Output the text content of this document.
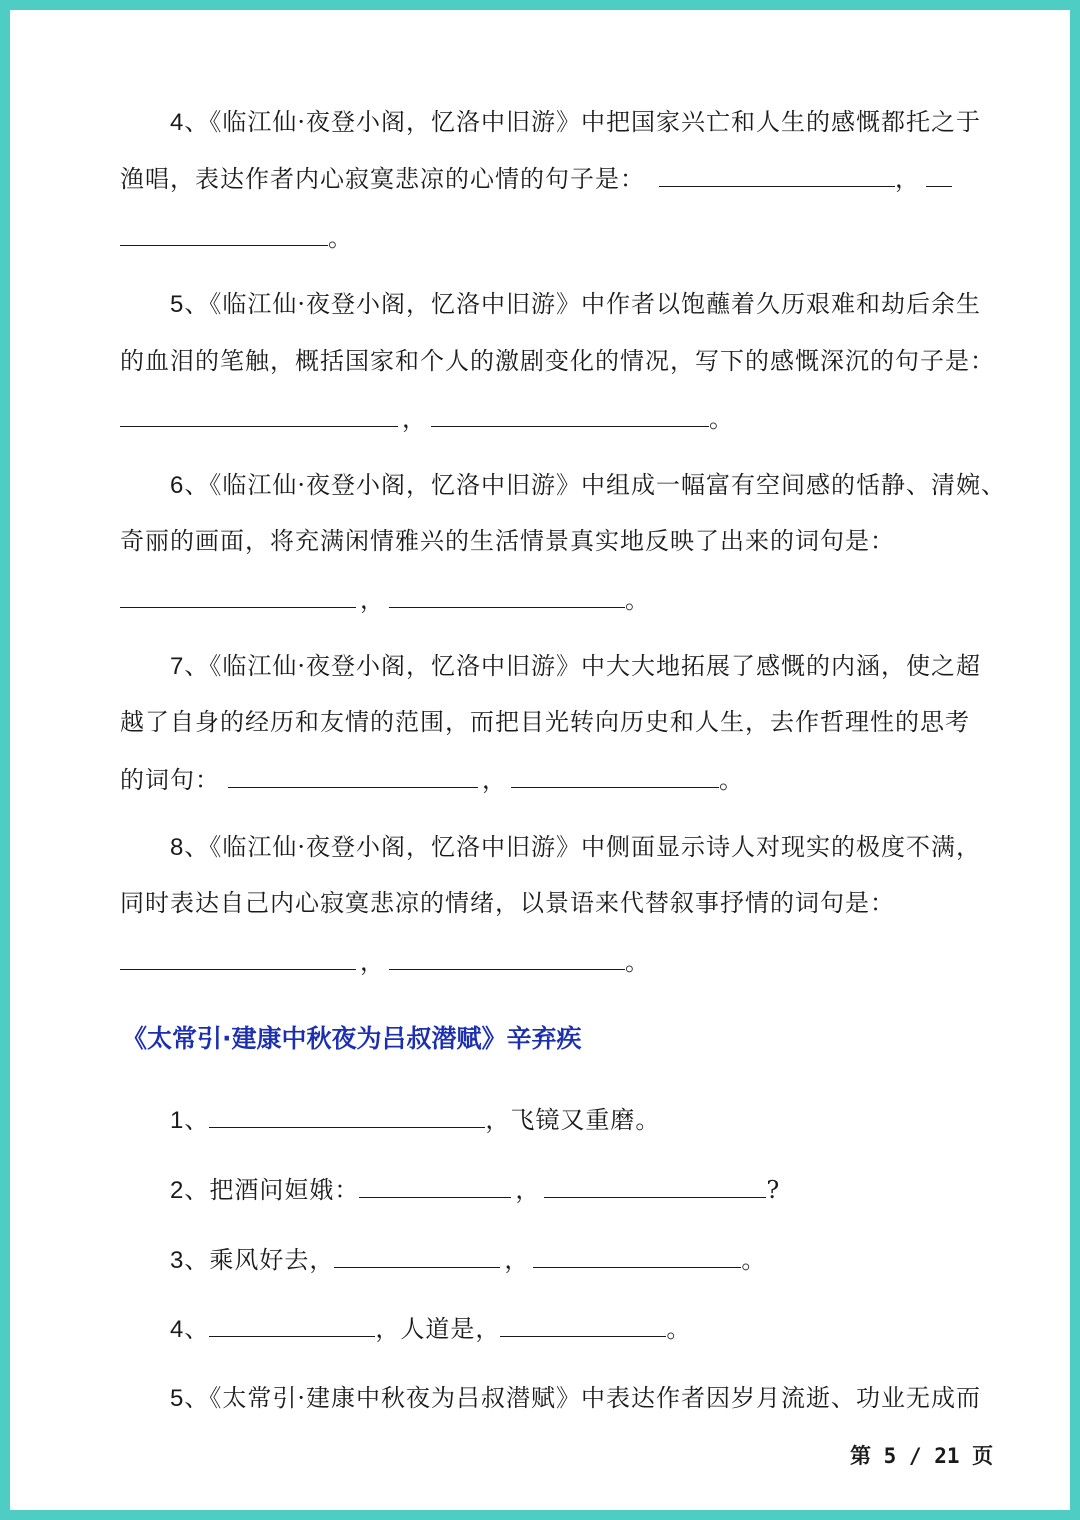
4、《临江仙·夜登小阁，忆洛中旧游》中把国家兴亡和人生的感慨都托之于
渔唱，表达作者内心寂寞悲凉的心情的句子是：	，
。
5、《临江仙·夜登小阁，忆洛中旧游》中作者以饱蘸着久历艰难和劫后余生
的血泪的笔触，概括国家和个人的激剧变化的情况，写下的感慨深沉的句子是：
，	。
6、《临江仙·夜登小阁，忆洛中旧游》中组成一幅富有空间感的恬静、清婉、
奇丽的画面，将充满闲情雅兴的生活情景真实地反映了出来的词句是：
，	。
7、《临江仙·夜登小阁，忆洛中旧游》中大大地拓展了感慨的内涵，使之超
越了自身的经历和友情的范围，而把目光转向历史和人生，去作哲理性的思考
的词句：	，	。
8、《临江仙·夜登小阁，忆洛中旧游》中侧面显示诗人对现实的极度不满，
同时表达自己内心寂寞悲凉的情绪，以景语来代替叙事抒情的词句是：
，	。
《太常引·建康中秋夜为吕叔潜赋》辛弃疾
1、	，飞镜又重磨。
2、把酒问姮娥：	，	?
3、乘风好去，	，	。
4、	，人道是，	。
5、《太常引·建康中秋夜为吕叔潜赋》中表达作者因岁月流逝、功业无成而
第 5 / 21 页
